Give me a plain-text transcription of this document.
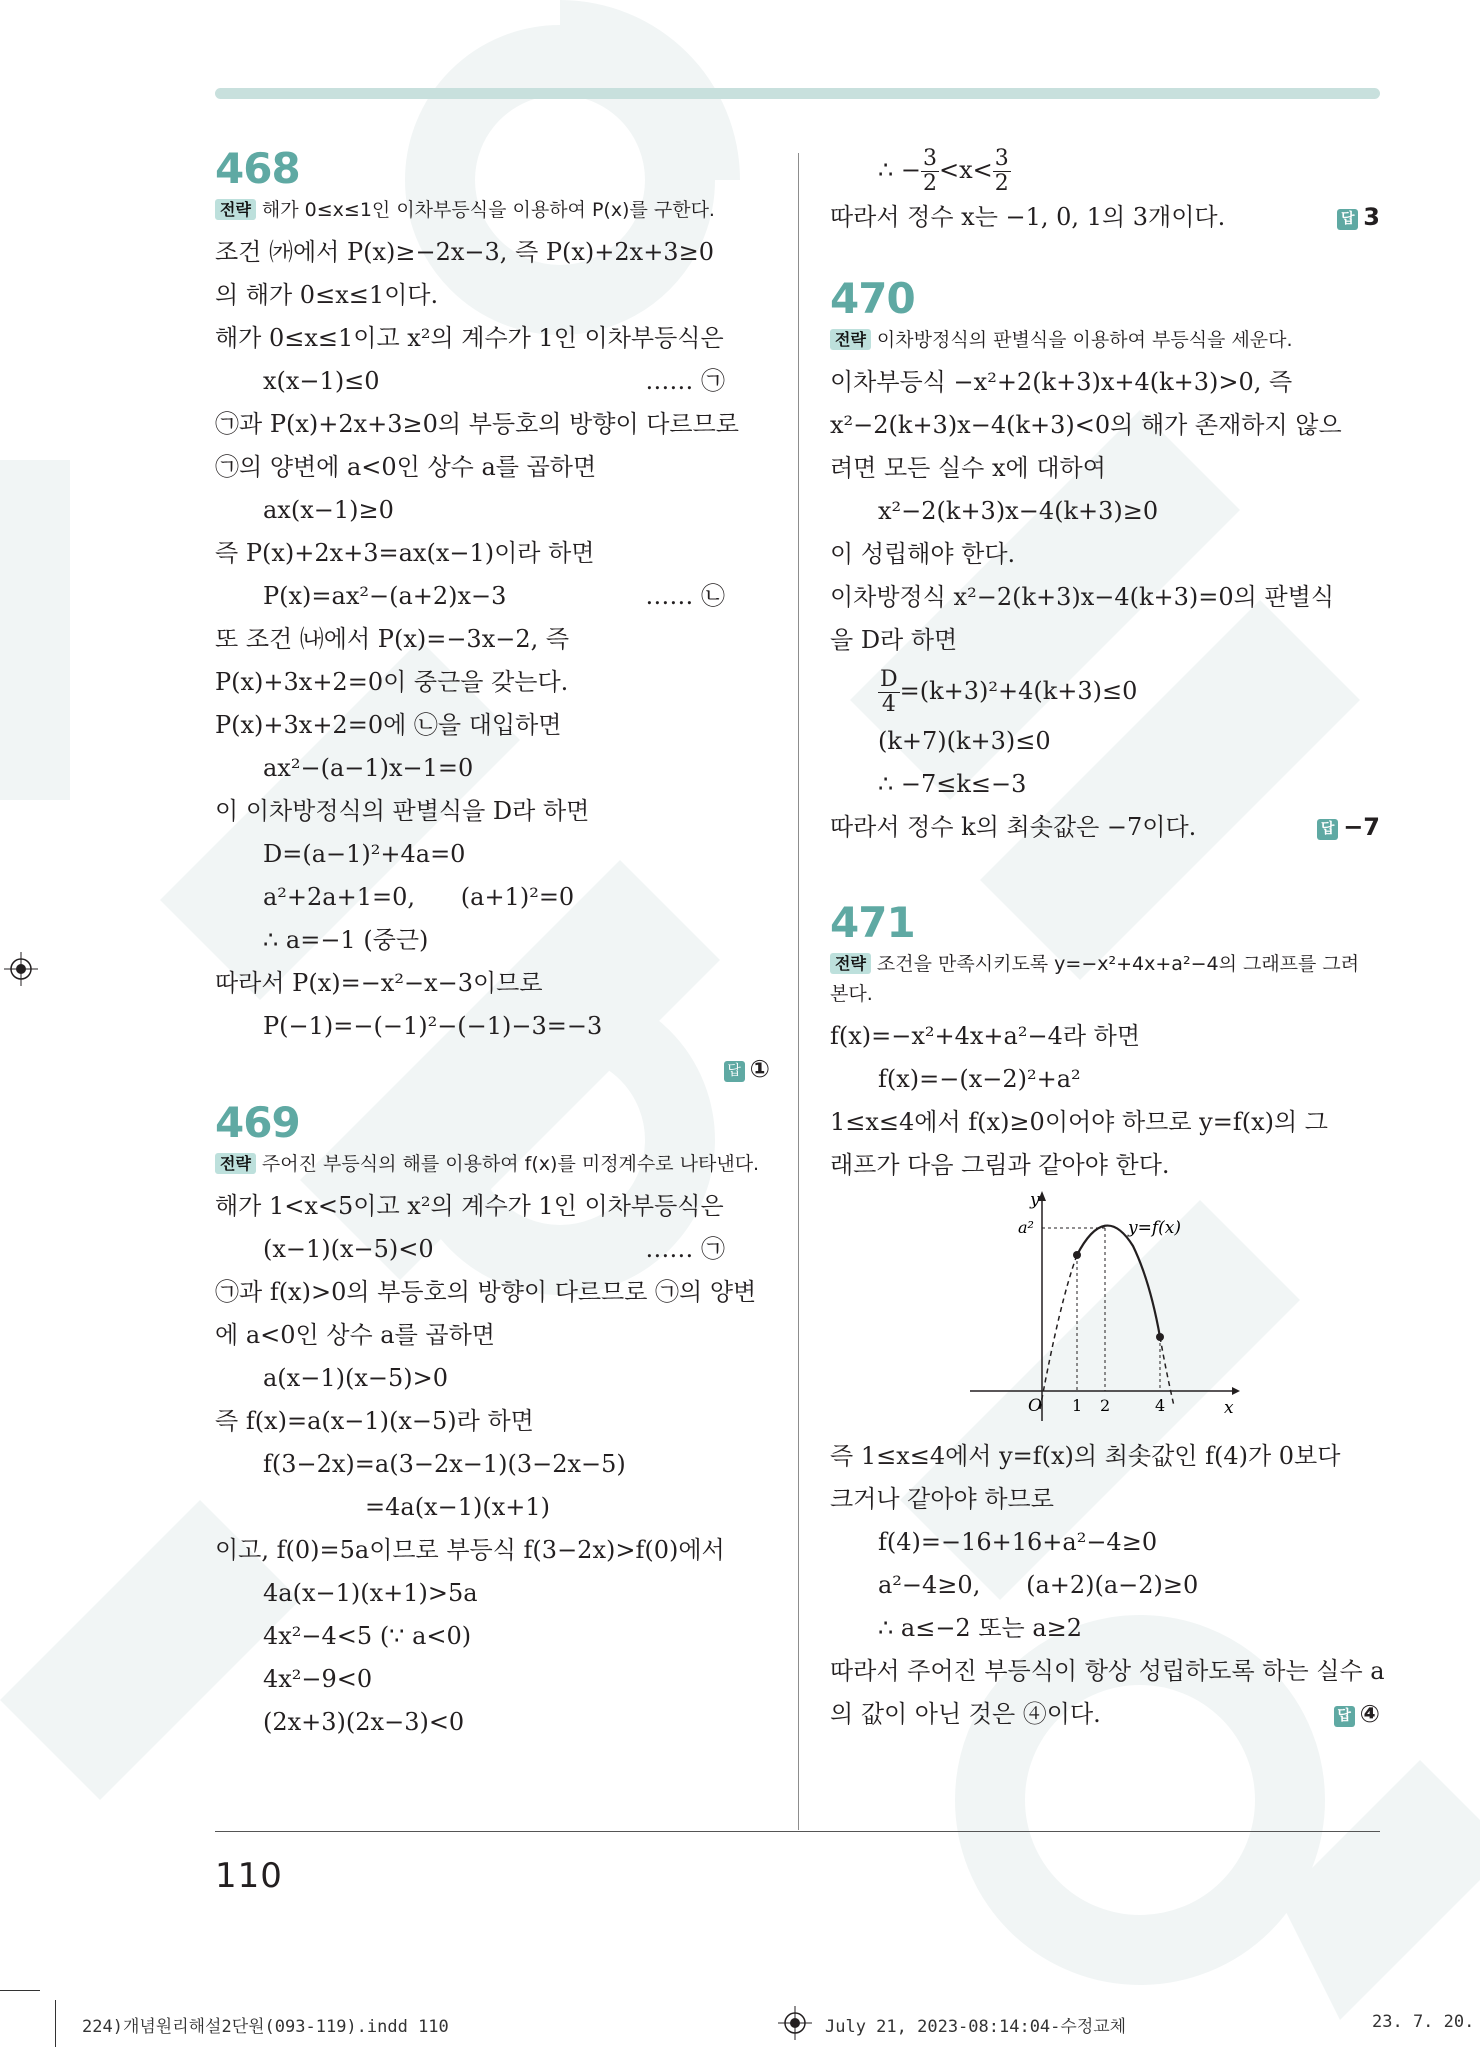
468
전략 해가 0≤x≤1인 이차부등식을 이용하여 P(x)를 구한다.
조건 ㈎에서 P(x)≥−2x−3, 즉 P(x)+2x+3≥0
의 해가 0≤x≤1이다.
해가 0≤x≤1이고 x²의 계수가 1인 이차부등식은
x(x−1)≤0	…… ㉠
㉠과 P(x)+2x+3≥0의 부등호의 방향이 다르므로
㉠의 양변에 a<0인 상수 a를 곱하면
ax(x−1)≥0
즉 P(x)+2x+3=ax(x−1)이라 하면
P(x)=ax²−(a+2)x−3	…… ㉡
또 조건 ㈏에서 P(x)=−3x−2, 즉
P(x)+3x+2=0이 중근을 갖는다.
P(x)+3x+2=0에 ㉡을 대입하면
ax²−(a−1)x−1=0
이 이차방정식의 판별식을 D라 하면
D=(a−1)²+4a=0
a²+2a+1=0,      (a+1)²=0
∴ a=−1 (중근)
따라서 P(x)=−x²−x−3이므로
P(−1)=−(−1)²−(−1)−3=−3
답 ①
469
전략 주어진 부등식의 해를 이용하여 f(x)를 미정계수로 나타낸다.
해가 1<x<5이고 x²의 계수가 1인 이차부등식은
(x−1)(x−5)<0	…… ㉠
㉠과 f(x)>0의 부등호의 방향이 다르므로 ㉠의 양변
에 a<0인 상수 a를 곱하면
a(x−1)(x−5)>0
즉 f(x)=a(x−1)(x−5)라 하면
f(3−2x)=a(3−2x−1)(3−2x−5)
=4a(x−1)(x+1)
이고, f(0)=5a이므로 부등식 f(3−2x)>f(0)에서
4a(x−1)(x+1)>5a
4x²−4<5 (∵ a<0)
4x²−9<0
(2x+3)(2x−3)<0
∴ − $\frac{3}{2} <x< \frac{3}{2}$
따라서 정수 x는 −1, 0, 1의 3개이다.	답 3
470
전략 이차방정식의 판별식을 이용하여 부등식을 세운다.
이차부등식 −x²+2(k+3)x+4(k+3)>0, 즉
x²−2(k+3)x−4(k+3)<0의 해가 존재하지 않으
려면 모든 실수 x에 대하여
x²−2(k+3)x−4(k+3)≥0
이 성립해야 한다.
이차방정식 x²−2(k+3)x−4(k+3)=0의 판별식
을 D라 하면
$\frac{D}{4} =(k+3)^2+4(k+3)\le 0$
(k+7)(k+3)≤0
∴ −7≤k≤−3
따라서 정수 k의 최솟값은 −7이다.	답 −7
471
전략 조건을 만족시키도록 y=−x²+4x+a²−4의 그래프를 그려 본다.
f(x)=−x²+4x+a²−4라 하면
f(x)=−(x−2)²+a²
1≤x≤4에서 f(x)≥0이어야 하므로 y=f(x)의 그
래프가 다음 그림과 같아야 한다.
y
x
O 1 2	4
a²	y=f(x)
즉 1≤x≤4에서 y=f(x)의 최솟값인 f(4)가 0보다
크거나 같아야 하므로
f(4)=−16+16+a²−4≥0
a²−4≥0,      (a+2)(a−2)≥0
∴ a≤−2 또는 a≥2
따라서 주어진 부등식이 항상 성립하도록 하는 실수 a
의 값이 아닌 것은 ④이다.	답 ④
110
224)개념원리해설2단원(093-119).indd 110	July 21, 2023-08:14:04-수정교체	23. 7. 20.
